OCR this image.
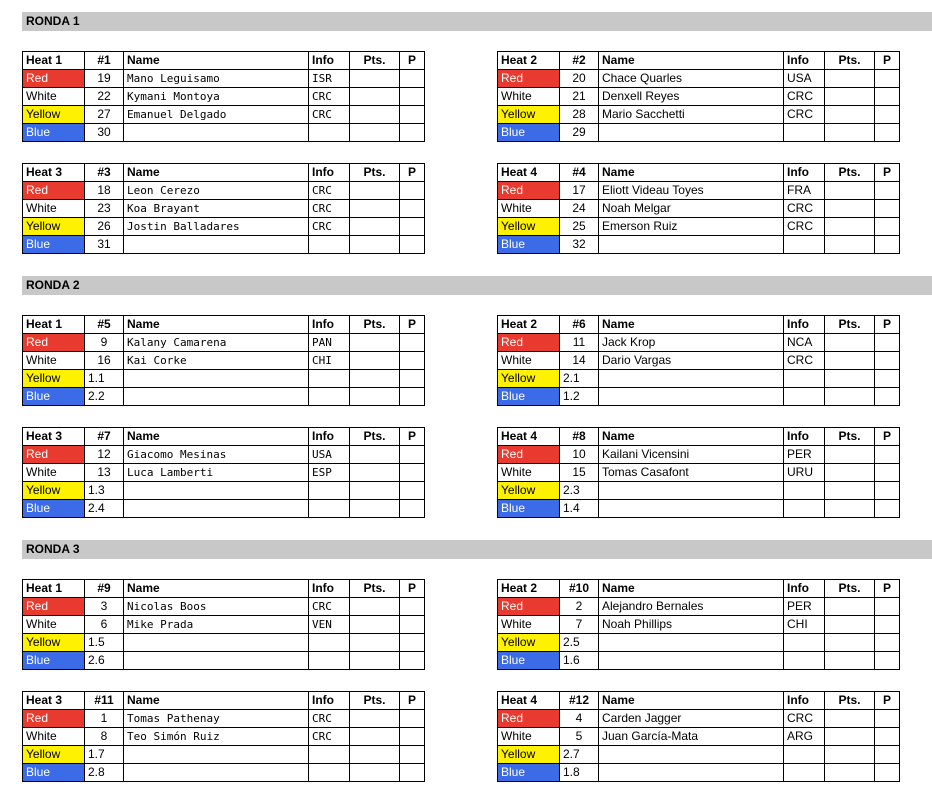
RONDA 1
RONDA 2
RONDA 3
Heat 1	#1	Name	Info	Pts.	P
Red	19	Mano Leguisamo	ISR		
White	22	Kymani Montoya	CRC		
Yellow	27	Emanuel Delgado	CRC		
Blue	30				
Heat 2	#2	Name	Info	Pts.	P
Red	20	Chace Quarles	USA		
White	21	Denxell Reyes	CRC		
Yellow	28	Mario Sacchetti	CRC		
Blue	29				
Heat 3	#3	Name	Info	Pts.	P
Red	18	Leon Cerezo	CRC		
White	23	Koa Brayant	CRC		
Yellow	26	Jostin Balladares	CRC		
Blue	31				
Heat 4	#4	Name	Info	Pts.	P
Red	17	Eliott Videau Toyes	FRA		
White	24	Noah Melgar	CRC		
Yellow	25	Emerson Ruiz	CRC		
Blue	32				
Heat 1	#5	Name	Info	Pts.	P
Red	9	Kalany Camarena	PAN		
White	16	Kai Corke	CHI		
Yellow	1.1				
Blue	2.2				
Heat 2	#6	Name	Info	Pts.	P
Red	11	Jack Krop	NCA		
White	14	Dario Vargas	CRC		
Yellow	2.1				
Blue	1.2				
Heat 3	#7	Name	Info	Pts.	P
Red	12	Giacomo Mesinas	USA		
White	13	Luca Lamberti	ESP		
Yellow	1.3				
Blue	2.4				
Heat 4	#8	Name	Info	Pts.	P
Red	10	Kailani Vicensini	PER		
White	15	Tomas Casafont	URU		
Yellow	2.3				
Blue	1.4				
Heat 1	#9	Name	Info	Pts.	P
Red	3	Nicolas Boos	CRC		
White	6	Mike Prada	VEN		
Yellow	1.5				
Blue	2.6				
Heat 2	#10	Name	Info	Pts.	P
Red	2	Alejandro Bernales	PER		
White	7	Noah Phillips	CHI		
Yellow	2.5				
Blue	1.6				
Heat 3	#11	Name	Info	Pts.	P
Red	1	Tomas Pathenay	CRC		
White	8	Teo Simón Ruiz	CRC		
Yellow	1.7				
Blue	2.8				
Heat 4	#12	Name	Info	Pts.	P
Red	4	Carden Jagger	CRC		
White	5	Juan García-Mata	ARG		
Yellow	2.7				
Blue	1.8				
